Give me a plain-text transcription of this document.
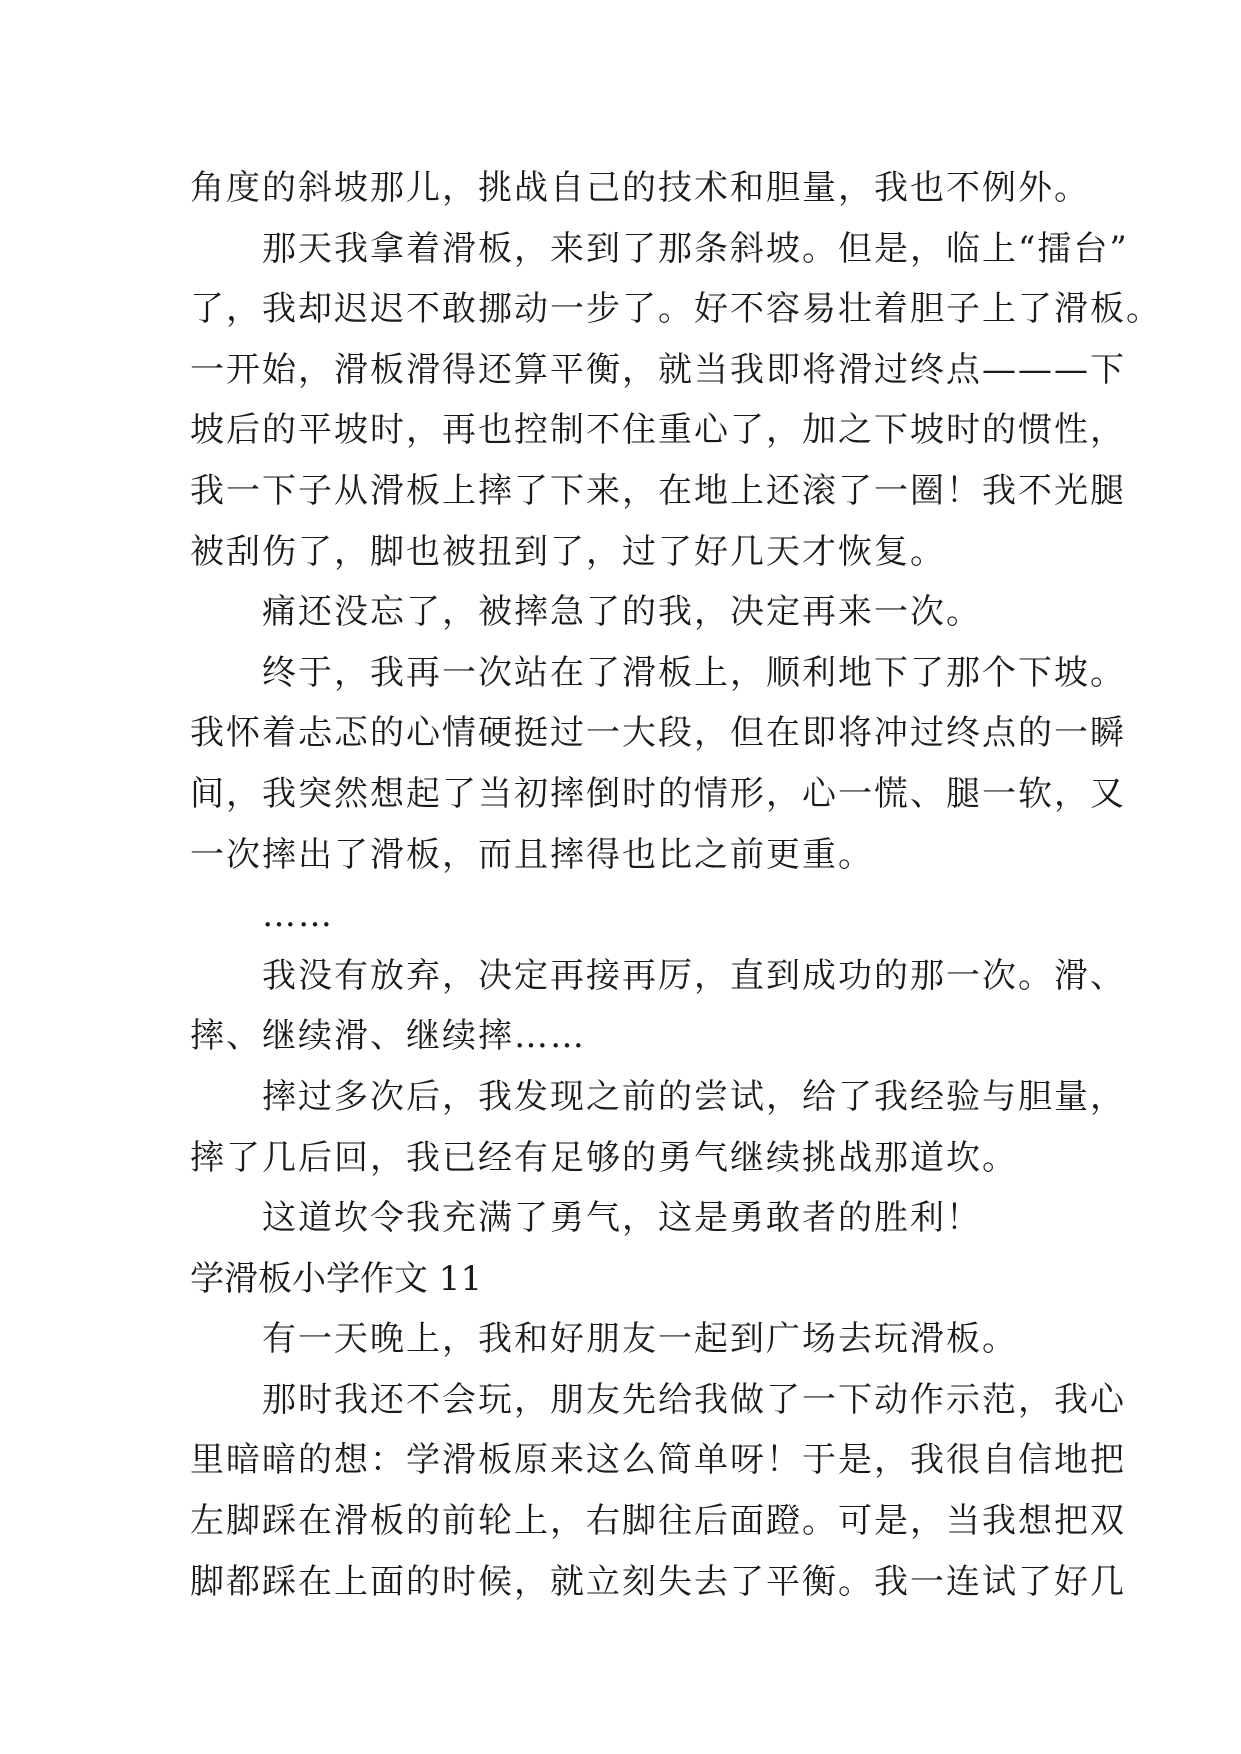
角度的斜坡那儿，挑战自己的技术和胆量，我也不例外。
　　那天我拿着滑板，来到了那条斜坡。但是，临上“擂台”
了，我却迟迟不敢挪动一步了。好不容易壮着胆子上了滑板。
一开始，滑板滑得还算平衡，就当我即将滑过终点———下
坡后的平坡时，再也控制不住重心了，加之下坡时的惯性，
我一下子从滑板上摔了下来，在地上还滚了一圈！我不光腿
被刮伤了，脚也被扭到了，过了好几天才恢复。
　　痛还没忘了，被摔急了的我，决定再来一次。
　　终于，我再一次站在了滑板上，顺利地下了那个下坡。
我怀着忐忑的心情硬挺过一大段，但在即将冲过终点的一瞬
间，我突然想起了当初摔倒时的情形，心一慌、腿一软，又
一次摔出了滑板，而且摔得也比之前更重。
　　……
　　我没有放弃，决定再接再厉，直到成功的那一次。滑、
摔、继续滑、继续摔……
　　摔过多次后，我发现之前的尝试，给了我经验与胆量，
摔了几后回，我已经有足够的勇气继续挑战那道坎。
　　这道坎令我充满了勇气，这是勇敢者的胜利！
学滑板小学作文 11
　　有一天晚上，我和好朋友一起到广场去玩滑板。
　　那时我还不会玩，朋友先给我做了一下动作示范，我心
里暗暗的想：学滑板原来这么简单呀！于是，我很自信地把
左脚踩在滑板的前轮上，右脚往后面蹬。可是，当我想把双
脚都踩在上面的时候，就立刻失去了平衡。我一连试了好几
